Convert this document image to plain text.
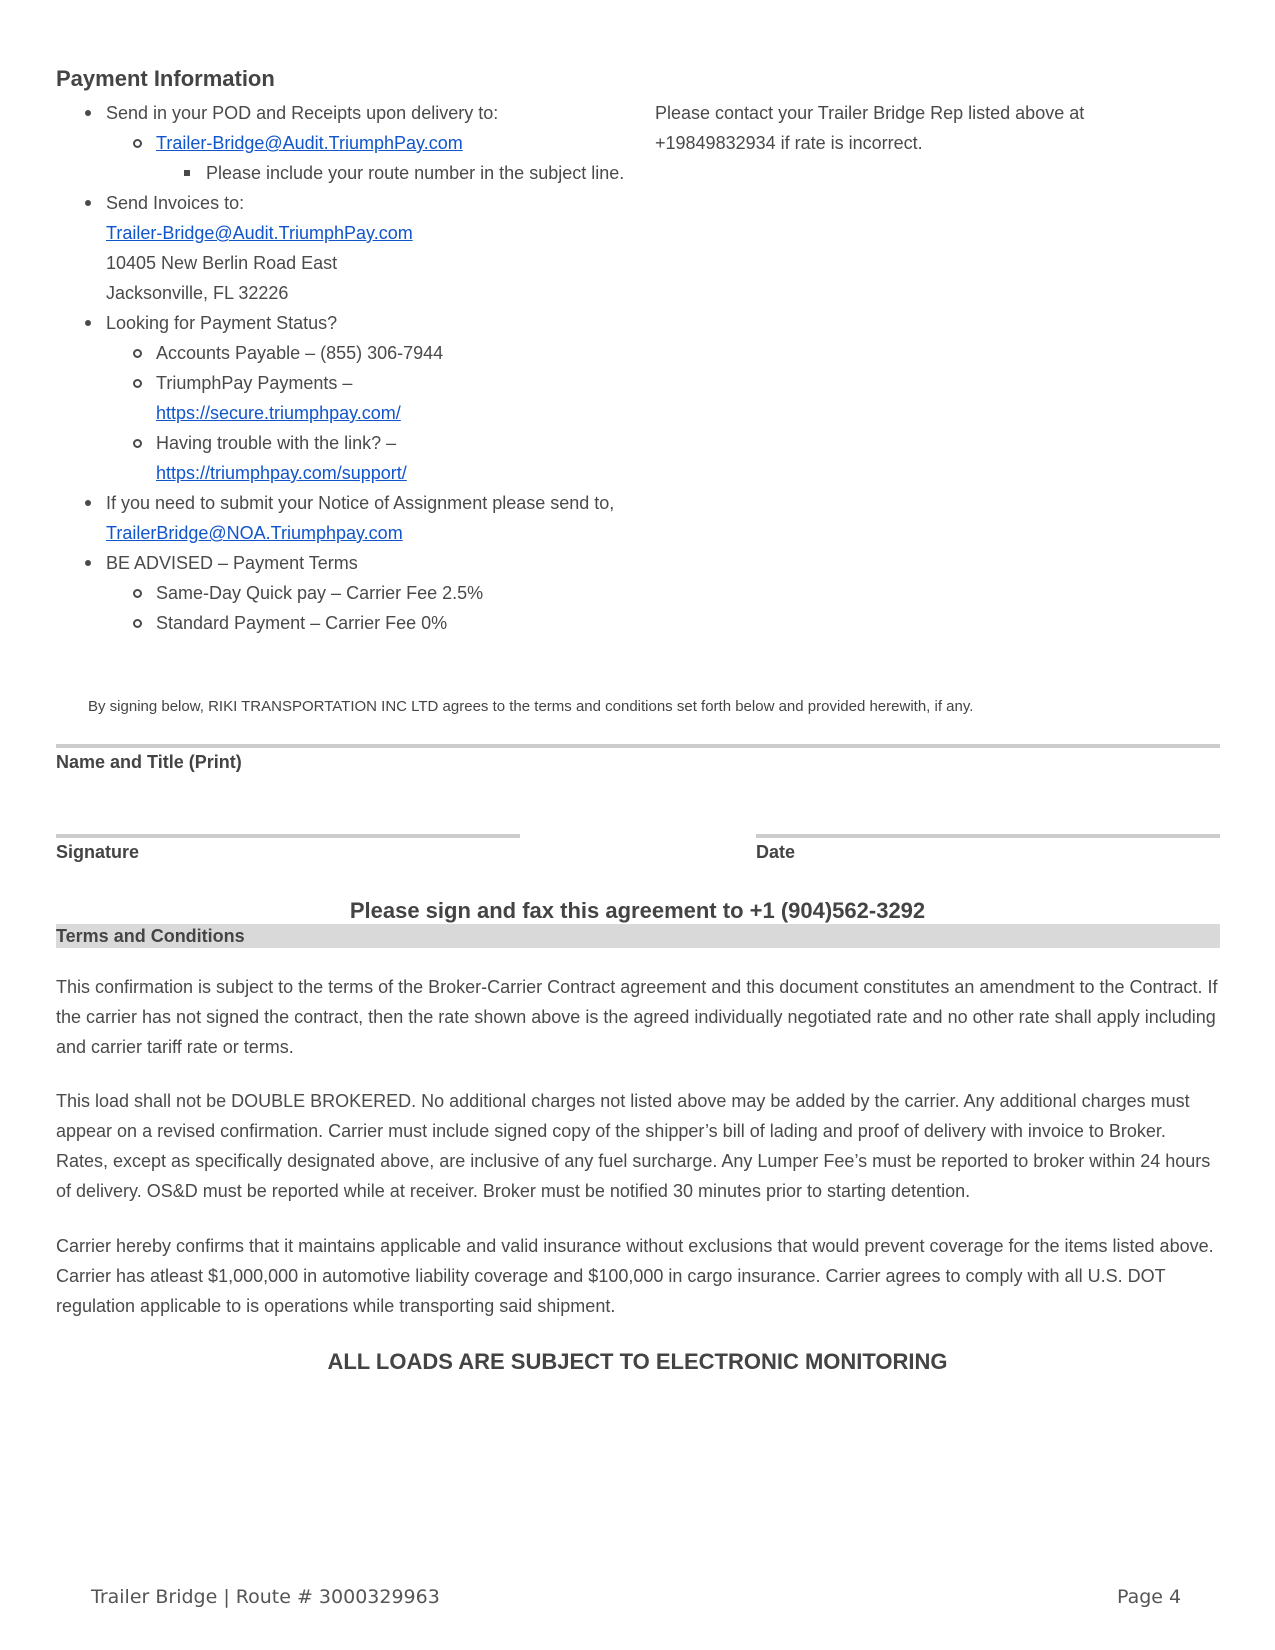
Payment Information
Send in your POD and Receipts upon delivery to:
Trailer-Bridge@Audit.TriumphPay.com
Please include your route number in the subject line.
Send Invoices to:
Trailer-Bridge@Audit.TriumphPay.com
10405 New Berlin Road East
Jacksonville, FL 32226
Looking for Payment Status?
Accounts Payable – (855) 306-7944
TriumphPay Payments –
https://secure.triumphpay.com/
Having trouble with the link? –
https://triumphpay.com/support/
If you need to submit your Notice of Assignment please send to, TrailerBridge@NOA.Triumphpay.com
BE ADVISED – Payment Terms
Same-Day Quick pay – Carrier Fee 2.5%
Standard Payment – Carrier Fee 0%
Please contact your Trailer Bridge Rep listed above at
+19849832934 if rate is incorrect.
By signing below, RIKI TRANSPORTATION INC LTD agrees to the terms and conditions set forth below and provided herewith, if any.
Name and Title (Print)
Signature	Date
Please sign and fax this agreement to +1 (904)562-3292
Terms and Conditions
This confirmation is subject to the terms of the Broker-Carrier Contract agreement and this document constitutes an amendment to the Contract. If the carrier has not signed the contract, then the rate shown above is the agreed individually negotiated rate and no other rate shall apply including and carrier tariff rate or terms.
This load shall not be DOUBLE BROKERED. No additional charges not listed above may be added by the carrier. Any additional charges must appear on a revised confirmation. Carrier must include signed copy of the shipper’s bill of lading and proof of delivery with invoice to Broker. Rates, except as specifically designated above, are inclusive of any fuel surcharge. Any Lumper Fee’s must be reported to broker within 24 hours of delivery. OS&D must be reported while at receiver. Broker must be notified 30 minutes prior to starting detention.
Carrier hereby confirms that it maintains applicable and valid insurance without exclusions that would prevent coverage for the items listed above. Carrier has atleast $1,000,000 in automotive liability coverage and $100,000 in cargo insurance. Carrier agrees to comply with all U.S. DOT regulation applicable to is operations while transporting said shipment.
ALL LOADS ARE SUBJECT TO ELECTRONIC MONITORING
Trailer Bridge | Route # 3000329963	Page 4
